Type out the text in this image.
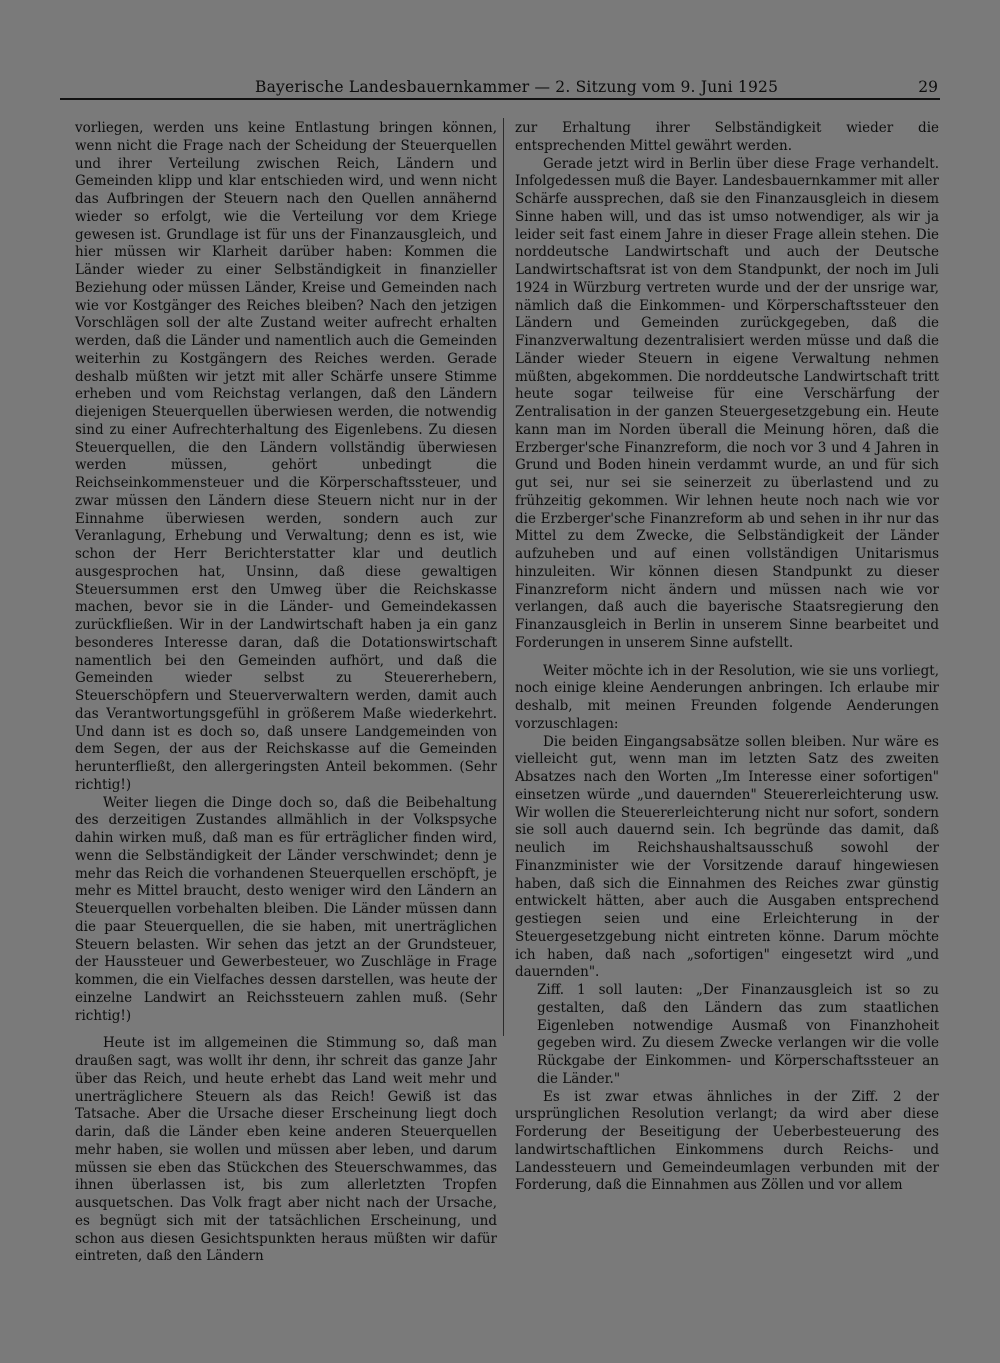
Bayerische Landesbauernkammer — 2. Sitzung vom 9. Juni 1925	29

vorliegen, werden uns keine Entlastung bringen können, wenn nicht die Frage nach der Scheidung der Steuerquellen und ihrer Verteilung zwischen Reich, Ländern und Gemeinden klipp und klar entschieden wird, und wenn nicht das Aufbringen der Steuern nach den Quellen annähernd wieder so erfolgt, wie die Verteilung vor dem Kriege gewesen ist. Grundlage ist für uns der Finanzausgleich, und hier müssen wir Klarheit darüber haben: Kommen die Länder wieder zu einer Selbständigkeit in finanzieller Beziehung oder müssen Länder, Kreise und Gemeinden nach wie vor Kostgänger des Reiches bleiben? Nach den jetzigen Vorschlägen soll der alte Zustand weiter aufrecht erhalten werden, daß die Länder und namentlich auch die Gemeinden weiterhin zu Kostgängern des Reiches werden. Gerade deshalb müßten wir jetzt mit aller Schärfe unsere Stimme erheben und vom Reichstag verlangen, daß den Ländern diejenigen Steuerquellen überwiesen werden, die notwendig sind zu einer Aufrechterhaltung des Eigenlebens. Zu diesen Steuerquellen, die den Ländern vollständig überwiesen werden müssen, gehört unbedingt die Reichseinkommensteuer und die Körperschaftssteuer, und zwar müssen den Ländern diese Steuern nicht nur in der Einnahme überwiesen werden, sondern auch zur Veranlagung, Erhebung und Verwaltung; denn es ist, wie schon der Herr Berichterstatter klar und deutlich ausgesprochen hat, Unsinn, daß diese gewaltigen Steuersummen erst den Umweg über die Reichskasse machen, bevor sie in die Länder- und Gemeindekassen zurückfließen. Wir in der Landwirtschaft haben ja ein ganz besonderes Interesse daran, daß die Dotationswirtschaft namentlich bei den Gemeinden aufhört, und daß die Gemeinden wieder selbst zu Steuererhebern, Steuerschöpfern und Steuerverwaltern werden, damit auch das Verantwortungsgefühl in größerem Maße wiederkehrt. Und dann ist es doch so, daß unsere Landgemeinden von dem Segen, der aus der Reichskasse auf die Gemeinden herunterfließt, den allergeringsten Anteil bekommen. (Sehr richtig!)

Weiter liegen die Dinge doch so, daß die Beibehaltung des derzeitigen Zustandes allmählich in der Volkspsyche dahin wirken muß, daß man es für erträglicher finden wird, wenn die Selbständigkeit der Länder verschwindet; denn je mehr das Reich die vorhandenen Steuerquellen erschöpft, je mehr es Mittel braucht, desto weniger wird den Ländern an Steuerquellen vorbehalten bleiben. Die Länder müssen dann die paar Steuerquellen, die sie haben, mit unerträglichen Steuern belasten. Wir sehen das jetzt an der Grundsteuer, der Haussteuer und Gewerbesteuer, wo Zuschläge in Frage kommen, die ein Vielfaches dessen darstellen, was heute der einzelne Landwirt an Reichssteuern zahlen muß. (Sehr richtig!)

Heute ist im allgemeinen die Stimmung so, daß man draußen sagt, was wollt ihr denn, ihr schreit das ganze Jahr über das Reich, und heute erhebt das Land weit mehr und unerträglichere Steuern als das Reich! Gewiß ist das Tatsache. Aber die Ursache dieser Erscheinung liegt doch darin, daß die Länder eben keine anderen Steuerquellen mehr haben, sie wollen und müssen aber leben, und darum müssen sie eben das Stückchen des Steuerschwammes, das ihnen überlassen ist, bis zum allerletzten Tropfen ausquetschen. Das Volk fragt aber nicht nach der Ursache, es begnügt sich mit der tatsächlichen Erscheinung, und schon aus diesen Gesichtspunkten heraus müßten wir dafür eintreten, daß den Ländern

zur Erhaltung ihrer Selbständigkeit wieder die entsprechenden Mittel gewährt werden.

Gerade jetzt wird in Berlin über diese Frage verhandelt. Infolgedessen muß die Bayer. Landesbauernkammer mit aller Schärfe aussprechen, daß sie den Finanzausgleich in diesem Sinne haben will, und das ist umso notwendiger, als wir ja leider seit fast einem Jahre in dieser Frage allein stehen. Die norddeutsche Landwirtschaft und auch der Deutsche Landwirtschaftsrat ist von dem Standpunkt, der noch im Juli 1924 in Würzburg vertreten wurde und der der unsrige war, nämlich daß die Einkommen- und Körperschaftssteuer den Ländern und Gemeinden zurückgegeben, daß die Finanzverwaltung dezentralisiert werden müsse und daß die Länder wieder Steuern in eigene Verwaltung nehmen müßten, abgekommen. Die norddeutsche Landwirtschaft tritt heute sogar teilweise für eine Verschärfung der Zentralisation in der ganzen Steuergesetzgebung ein. Heute kann man im Norden überall die Meinung hören, daß die Erzberger'sche Finanzreform, die noch vor 3 und 4 Jahren in Grund und Boden hinein verdammt wurde, an und für sich gut sei, nur sei sie seinerzeit zu überlastend und zu frühzeitig gekommen. Wir lehnen heute noch nach wie vor die Erzberger'sche Finanzreform ab und sehen in ihr nur das Mittel zu dem Zwecke, die Selbständigkeit der Länder aufzuheben und auf einen vollständigen Unitarismus hinzuleiten. Wir können diesen Standpunkt zu dieser Finanzreform nicht ändern und müssen nach wie vor verlangen, daß auch die bayerische Staatsregierung den Finanzausgleich in Berlin in unserem Sinne bearbeitet und Forderungen in unserem Sinne aufstellt.

Weiter möchte ich in der Resolution, wie sie uns vorliegt, noch einige kleine Aenderungen anbringen. Ich erlaube mir deshalb, mit meinen Freunden folgende Aenderungen vorzuschlagen:

Die beiden Eingangsabsätze sollen bleiben. Nur wäre es vielleicht gut, wenn man im letzten Satz des zweiten Absatzes nach den Worten „Im Interesse einer sofortigen" einsetzen würde „und dauernden" Steuererleichterung usw. Wir wollen die Steuererleichterung nicht nur sofort, sondern sie soll auch dauernd sein. Ich begründe das damit, daß neulich im Reichshaushaltsausschuß sowohl der Finanzminister wie der Vorsitzende darauf hingewiesen haben, daß sich die Einnahmen des Reiches zwar günstig entwickelt hätten, aber auch die Ausgaben entsprechend gestiegen seien und eine Erleichterung in der Steuergesetzgebung nicht eintreten könne. Darum möchte ich haben, daß nach „sofortigen" eingesetzt wird „und dauernden".

Ziff. 1 soll lauten: „Der Finanzausgleich ist so zu gestalten, daß den Ländern das zum staatlichen Eigenleben notwendige Ausmaß von Finanzhoheit gegeben wird. Zu diesem Zwecke verlangen wir die volle Rückgabe der Einkommen- und Körperschaftssteuer an die Länder."

Es ist zwar etwas ähnliches in der Ziff. 2 der ursprünglichen Resolution verlangt; da wird aber diese Forderung der Beseitigung der Ueberbesteuerung des landwirtschaftlichen Einkommens durch Reichs- und Landessteuern und Gemeindeumlagen verbunden mit der Forderung, daß die Einnahmen aus Zöllen und vor allem
